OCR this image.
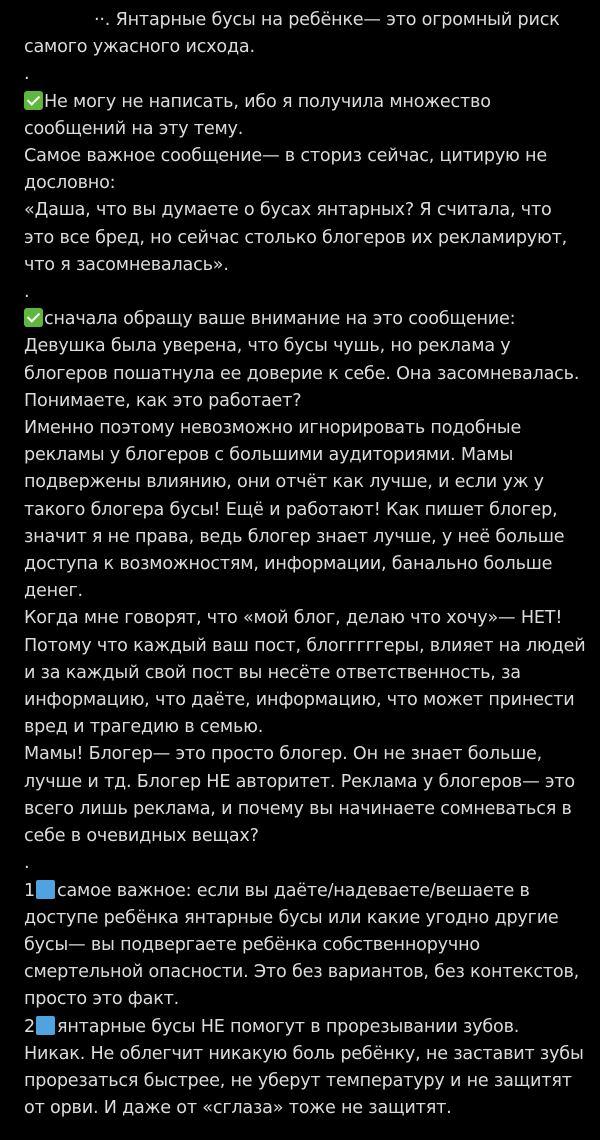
··. Янтарные бусы на ребёнке— это огромный риск
самого ужасного исхода.
.
Не могу не написать, ибо я получила множество
сообщений на эту тему.
Самое важное сообщение— в сториз сейчас, цитирую не
дословно:
«Даша, что вы думаете о бусах янтарных? Я считала, что
это все бред, но сейчас столько блогеров их рекламируют,
что я засомневалась».
.
сначала обращу ваше внимание на это сообщение:
Девушка была уверена, что бусы чушь, но реклама у
блогеров пошатнула ее доверие к себе. Она засомневалась.
Понимаете, как это работает?
Именно поэтому невозможно игнорировать подобные
рекламы у блогеров с большими аудиториями. Мамы
подвержены влиянию, они отчёт как лучше, и если уж у
такого блогера бусы! Ещё и работают! Как пишет блогер,
значит я не права, ведь блогер знает лучше, у неё больше
доступа к возможностям, информации, банально больше
денег.
Когда мне говорят, что «мой блог, делаю что хочу»— НЕТ!
Потому что каждый ваш пост, блогггггеры, влияет на людей
и за каждый свой пост вы несёте ответственность, за
информацию, что даёте, информацию, что может принести
вред и трагедию в семью.
Мамы! Блогер— это просто блогер. Он не знает больше,
лучше и тд. Блогер НЕ авторитет. Реклама у блогеров— это
всего лишь реклама, и почему вы начинаете сомневаться в
себе в очевидных вещах?
.
1 самое важное: если вы даёте/надеваете/вешаете в
доступе ребёнка янтарные бусы или какие угодно другие
бусы— вы подвергаете ребёнка собственноручно
смертельной опасности. Это без вариантов, без контекстов,
просто это факт.
2 янтарные бусы НЕ помогут в прорезывании зубов.
Никак. Не облегчит никакую боль ребёнку, не заставит зубы
прорезаться быстрее, не уберут температуру и не защитят
от орви. И даже от «сглаза» тоже не защитят.
